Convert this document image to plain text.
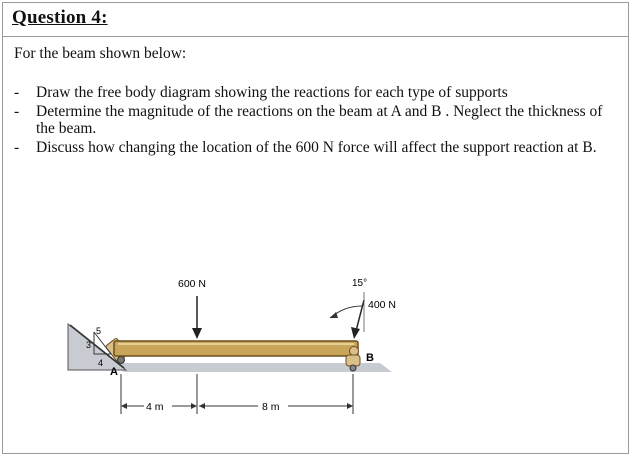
Question 4:
For the beam shown below:
- Draw the free body diagram showing the reactions for each type of supports
- Determine the magnitude of the reactions on the beam at A and B . Neglect the thickness of the beam.
- Discuss how changing the location of the 600 N force will affect the support reaction at B.
3
4
5
A
B
600 N	15°
400 N
4 m	8 m
